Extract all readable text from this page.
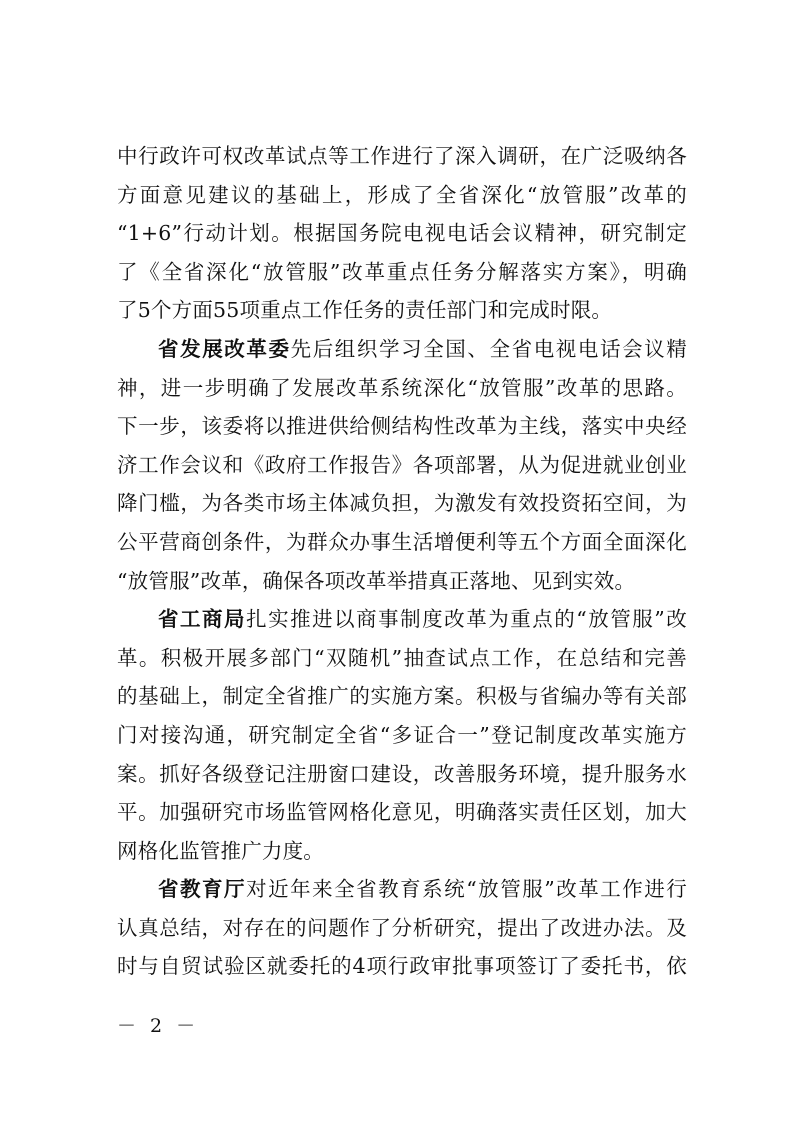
中行政许可权改革试点等工作进行了深入调研，在广泛吸纳各
方面意见建议的基础上，形成了全省深化“放管服”改革的
“1+6”行动计划。根据国务院电视电话会议精神，研究制定
了《全省深化“放管服”改革重点任务分解落实方案》，明确
了5个方面55项重点工作任务的责任部门和完成时限。
省发展改革委先后组织学习全国、全省电视电话会议精
神，进一步明确了发展改革系统深化“放管服”改革的思路。
下一步，该委将以推进供给侧结构性改革为主线，落实中央经
济工作会议和《政府工作报告》各项部署，从为促进就业创业
降门槛，为各类市场主体减负担，为激发有效投资拓空间，为
公平营商创条件，为群众办事生活增便利等五个方面全面深化
“放管服”改革，确保各项改革举措真正落地、见到实效。
省工商局扎实推进以商事制度改革为重点的“放管服”改
革。积极开展多部门“双随机”抽查试点工作，在总结和完善
的基础上，制定全省推广的实施方案。积极与省编办等有关部
门对接沟通，研究制定全省“多证合一”登记制度改革实施方
案。抓好各级登记注册窗口建设，改善服务环境，提升服务水
平。加强研究市场监管网格化意见，明确落实责任区划，加大
网格化监管推广力度。
省教育厅对近年来全省教育系统“放管服”改革工作进行
认真总结，对存在的问题作了分析研究，提出了改进办法。及
时与自贸试验区就委托的4项行政审批事项签订了委托书，依
－ 2 －
